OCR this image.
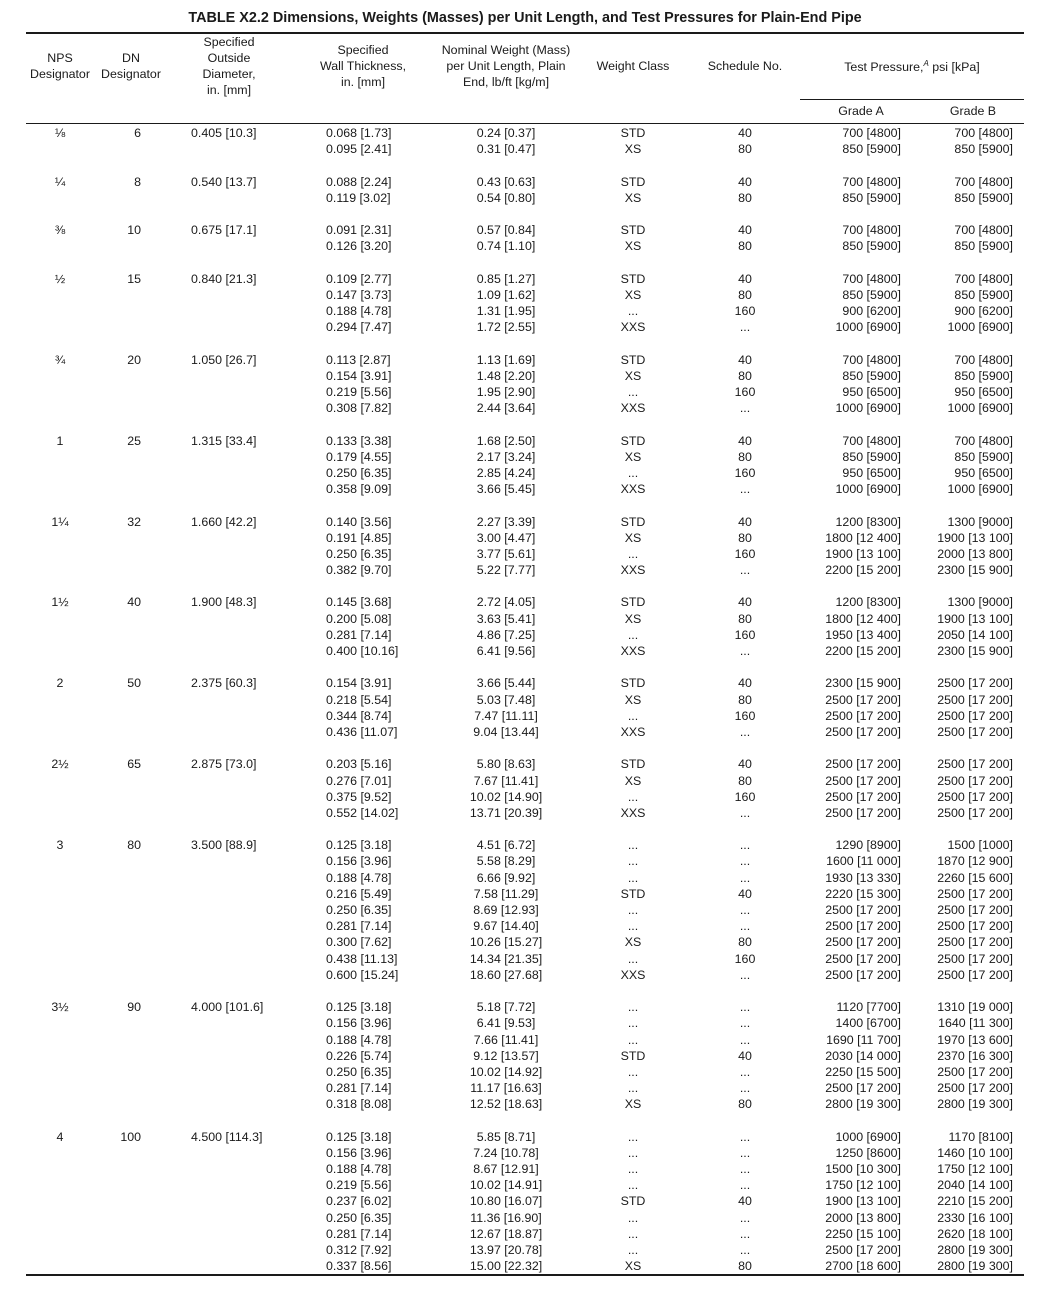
TABLE X2.2 Dimensions, Weights (Masses) per Unit Length, and Test Pressures for Plain-End Pipe
NPS
Designator
DN
Designator
Specified
Outside
Diameter,
in. [mm]
Specified
Wall Thickness,
in. [mm]
Nominal Weight (Mass)
per Unit Length, Plain
End, lb/ft [kg/m]
Weight Class	Schedule No.	Test Pressure,$^A$ psi [kPa]
Grade A	Grade B
⅛	6	0.405 [10.3]	0.068 [1.73]	0.24 [0.37]	STD	40	700 [4800]	700 [4800]
0.095 [2.41]	0.31 [0.47]	XS	80	850 [5900]	850 [5900]
¼	8	0.540 [13.7]	0.088 [2.24]	0.43 [0.63]	STD	40	700 [4800]	700 [4800]
0.119 [3.02]	0.54 [0.80]	XS	80	850 [5900]	850 [5900]
⅜	10	0.675 [17.1]	0.091 [2.31]	0.57 [0.84]	STD	40	700 [4800]	700 [4800]
0.126 [3.20]	0.74 [1.10]	XS	80	850 [5900]	850 [5900]
½	15	0.840 [21.3]	0.109 [2.77]	0.85 [1.27]	STD	40	700 [4800]	700 [4800]
0.147 [3.73]	1.09 [1.62]	XS	80	850 [5900]	850 [5900]
0.188 [4.78]	1.31 [1.95]	...	160	900 [6200]	900 [6200]
0.294 [7.47]	1.72 [2.55]	XXS	...	1000 [6900]	1000 [6900]
¾	20	1.050 [26.7]	0.113 [2.87]	1.13 [1.69]	STD	40	700 [4800]	700 [4800]
0.154 [3.91]	1.48 [2.20]	XS	80	850 [5900]	850 [5900]
0.219 [5.56]	1.95 [2.90]	...	160	950 [6500]	950 [6500]
0.308 [7.82]	2.44 [3.64]	XXS	...	1000 [6900]	1000 [6900]
1	25	1.315 [33.4]	0.133 [3.38]	1.68 [2.50]	STD	40	700 [4800]	700 [4800]
0.179 [4.55]	2.17 [3.24]	XS	80	850 [5900]	850 [5900]
0.250 [6.35]	2.85 [4.24]	...	160	950 [6500]	950 [6500]
0.358 [9.09]	3.66 [5.45]	XXS	...	1000 [6900]	1000 [6900]
1¼	32	1.660 [42.2]	0.140 [3.56]	2.27 [3.39]	STD	40	1200 [8300]	1300 [9000]
0.191 [4.85]	3.00 [4.47]	XS	80	1800 [12 400]	1900 [13 100]
0.250 [6.35]	3.77 [5.61]	...	160	1900 [13 100]	2000 [13 800]
0.382 [9.70]	5.22 [7.77]	XXS	...	2200 [15 200]	2300 [15 900]
1½	40	1.900 [48.3]	0.145 [3.68]	2.72 [4.05]	STD	40	1200 [8300]	1300 [9000]
0.200 [5.08]	3.63 [5.41]	XS	80	1800 [12 400]	1900 [13 100]
0.281 [7.14]	4.86 [7.25]	...	160	1950 [13 400]	2050 [14 100]
0.400 [10.16]	6.41 [9.56]	XXS	...	2200 [15 200]	2300 [15 900]
2	50	2.375 [60.3]	0.154 [3.91]	3.66 [5.44]	STD	40	2300 [15 900]	2500 [17 200]
0.218 [5.54]	5.03 [7.48]	XS	80	2500 [17 200]	2500 [17 200]
0.344 [8.74]	7.47 [11.11]	...	160	2500 [17 200]	2500 [17 200]
0.436 [11.07]	9.04 [13.44]	XXS	...	2500 [17 200]	2500 [17 200]
2½	65	2.875 [73.0]	0.203 [5.16]	5.80 [8.63]	STD	40	2500 [17 200]	2500 [17 200]
0.276 [7.01]	7.67 [11.41]	XS	80	2500 [17 200]	2500 [17 200]
0.375 [9.52]	10.02 [14.90]	...	160	2500 [17 200]	2500 [17 200]
0.552 [14.02]	13.71 [20.39]	XXS	...	2500 [17 200]	2500 [17 200]
3	80	3.500 [88.9]	0.125 [3.18]	4.51 [6.72]	...	...	1290 [8900]	1500 [1000]
0.156 [3.96]	5.58 [8.29]	...	...	1600 [11 000]	1870 [12 900]
0.188 [4.78]	6.66 [9.92]	...	...	1930 [13 330]	2260 [15 600]
0.216 [5.49]	7.58 [11.29]	STD	40	2220 [15 300]	2500 [17 200]
0.250 [6.35]	8.69 [12.93]	...	...	2500 [17 200]	2500 [17 200]
0.281 [7.14]	9.67 [14.40]	...	...	2500 [17 200]	2500 [17 200]
0.300 [7.62]	10.26 [15.27]	XS	80	2500 [17 200]	2500 [17 200]
0.438 [11.13]	14.34 [21.35]	...	160	2500 [17 200]	2500 [17 200]
0.600 [15.24]	18.60 [27.68]	XXS	...	2500 [17 200]	2500 [17 200]
3½	90	4.000 [101.6]	0.125 [3.18]	5.18 [7.72]	...	...	1120 [7700]	1310 [19 000]
0.156 [3.96]	6.41 [9.53]	...	...	1400 [6700]	1640 [11 300]
0.188 [4.78]	7.66 [11.41]	...	...	1690 [11 700]	1970 [13 600]
0.226 [5.74]	9.12 [13.57]	STD	40	2030 [14 000]	2370 [16 300]
0.250 [6.35]	10.02 [14.92]	...	...	2250 [15 500]	2500 [17 200]
0.281 [7.14]	11.17 [16.63]	...	...	2500 [17 200]	2500 [17 200]
0.318 [8.08]	12.52 [18.63]	XS	80	2800 [19 300]	2800 [19 300]
4	100	4.500 [114.3]	0.125 [3.18]	5.85 [8.71]	...	...	1000 [6900]	1170 [8100]
0.156 [3.96]	7.24 [10.78]	...	...	1250 [8600]	1460 [10 100]
0.188 [4.78]	8.67 [12.91]	...	...	1500 [10 300]	1750 [12 100]
0.219 [5.56]	10.02 [14.91]	...	...	1750 [12 100]	2040 [14 100]
0.237 [6.02]	10.80 [16.07]	STD	40	1900 [13 100]	2210 [15 200]
0.250 [6.35]	11.36 [16.90]	...	...	2000 [13 800]	2330 [16 100]
0.281 [7.14]	12.67 [18.87]	...	...	2250 [15 100]	2620 [18 100]
0.312 [7.92]	13.97 [20.78]	...	...	2500 [17 200]	2800 [19 300]
0.337 [8.56]	15.00 [22.32]	XS	80	2700 [18 600]	2800 [19 300]
